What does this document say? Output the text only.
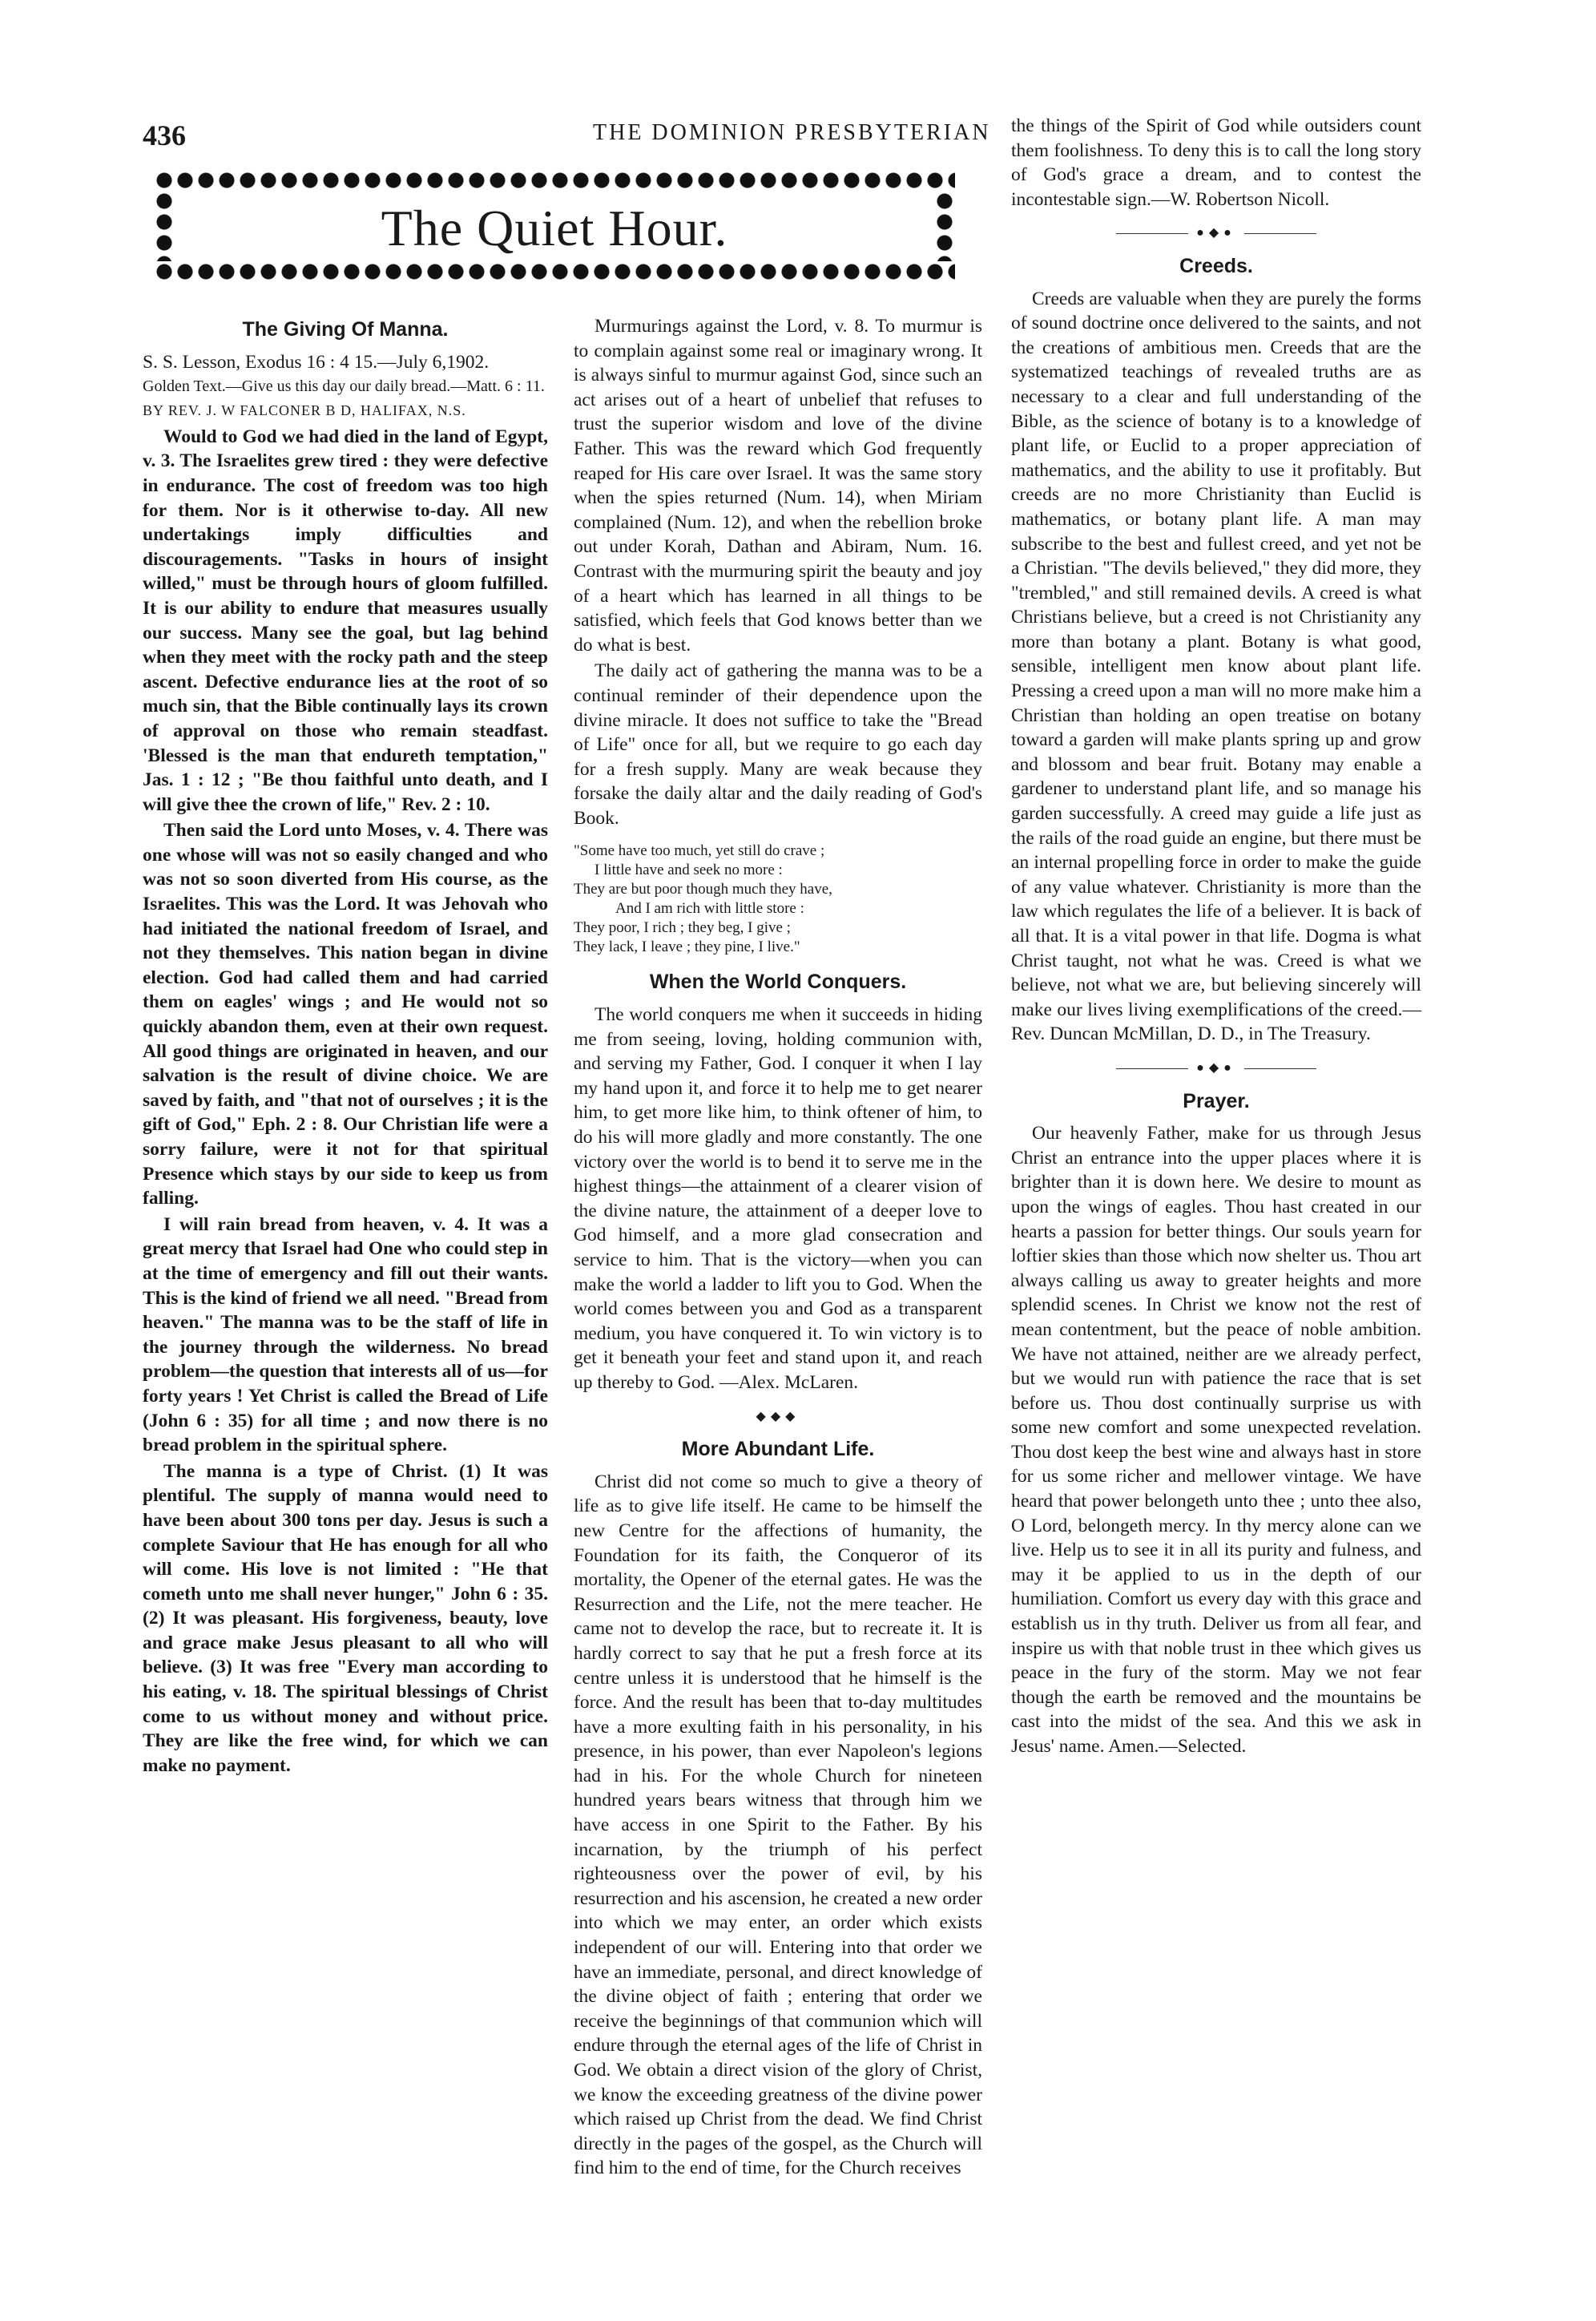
436	THE DOMINION PRESBYTERIAN
The Quiet Hour.
The Giving Of Manna.

S. S. Lesson, Exodus 16 : 4 15.—July 6,1902.

Golden Text.—Give us this day our daily bread.—Matt. 6 : 11.

BY REV. J. W FALCONER B D, HALIFAX, N.S.

Would to God we had died in the land of Egypt, v. 3. The Israelites grew tired : they were defective in endurance. The cost of freedom was too high for them. Nor is it otherwise to-day. All new undertakings imply difficulties and discouragements. "Tasks in hours of insight willed," must be through hours of gloom fulfilled. It is our ability to endure that measures usually our success. Many see the goal, but lag behind when they meet with the rocky path and the steep ascent. Defective endurance lies at the root of so much sin, that the Bible continually lays its crown of approval on those who remain steadfast. 'Blessed is the man that endureth temptation," Jas. 1 : 12 ; "Be thou faithful unto death, and I will give thee the crown of life," Rev. 2 : 10.

Then said the Lord unto Moses, v. 4. There was one whose will was not so easily changed and who was not so soon diverted from His course, as the Israelites. This was the Lord. It was Jehovah who had initiated the national freedom of Israel, and not they themselves. This nation began in divine election. God had called them and had carried them on eagles' wings ; and He would not so quickly abandon them, even at their own request. All good things are originated in heaven, and our salvation is the result of divine choice. We are saved by faith, and "that not of ourselves ; it is the gift of God," Eph. 2 : 8. Our Christian life were a sorry failure, were it not for that spiritual Presence which stays by our side to keep us from falling.

I will rain bread from heaven, v. 4. It was a great mercy that Israel had One who could step in at the time of emergency and fill out their wants. This is the kind of friend we all need. "Bread from heaven." The manna was to be the staff of life in the journey through the wilderness. No bread problem—the question that interests all of us—for forty years ! Yet Christ is called the Bread of Life (John 6 : 35) for all time ; and now there is no bread problem in the spiritual sphere.

The manna is a type of Christ. (1) It was plentiful. The supply of manna would need to have been about 300 tons per day. Jesus is such a complete Saviour that He has enough for all who will come. His love is not limited : "He that cometh unto me shall never hunger," John 6 : 35. (2) It was pleasant. His forgiveness, beauty, love and grace make Jesus pleasant to all who will believe. (3) It was free "Every man according to his eating, v. 18. The spiritual blessings of Christ come to us without money and without price. They are like the free wind, for which we can make no payment.

Murmurings against the Lord, v. 8. To murmur is to complain against some real or imaginary wrong. It is always sinful to murmur against God, since such an act arises out of a heart of unbelief that refuses to trust the superior wisdom and love of the divine Father. This was the reward which God frequently reaped for His care over Israel. It was the same story when the spies returned (Num. 14), when Miriam complained (Num. 12), and when the rebellion broke out under Korah, Dathan and Abiram, Num. 16. Contrast with the murmuring spirit the beauty and joy of a heart which has learned in all things to be satisfied, which feels that God knows better than we do what is best.

The daily act of gathering the manna was to be a continual reminder of their dependence upon the divine miracle. It does not suffice to take the "Bread of Life" once for all, but we require to go each day for a fresh supply. Many are weak because they forsake the daily altar and the daily reading of God's Book.

"Some have too much, yet still do crave ;
I little have and seek no more :
They are but poor though much they have,
And I am rich with little store :
They poor, I rich ; they beg, I give ;
They lack, I leave ; they pine, I live."
When the World Conquers.

The world conquers me when it succeeds in hiding me from seeing, loving, holding communion with, and serving my Father, God. I conquer it when I lay my hand upon it, and force it to help me to get nearer him, to get more like him, to think oftener of him, to do his will more gladly and more constantly. The one victory over the world is to bend it to serve me in the highest things—the attainment of a clearer vision of the divine nature, the attainment of a deeper love to God himself, and a more glad consecration and service to him. That is the victory—when you can make the world a ladder to lift you to God. When the world comes between you and God as a transparent medium, you have conquered it. To win victory is to get it beneath your feet and stand upon it, and reach up thereby to God. —Alex. McLaren.

◆◆◆
More Abundant Life.

Christ did not come so much to give a theory of life as to give life itself. He came to be himself the new Centre for the affections of humanity, the Foundation for its faith, the Conqueror of its mortality, the Opener of the eternal gates. He was the Resurrection and the Life, not the mere teacher. He came not to develop the race, but to recreate it. It is hardly correct to say that he put a fresh force at its centre unless it is understood that he himself is the force. And the result has been that to-day multitudes have a more exulting faith in his personality, in his presence, in his power, than ever Napoleon's legions had in his. For the whole Church for nineteen hundred years bears witness that through him we have access in one Spirit to the Father. By his incarnation, by the triumph of his perfect righteousness over the power of evil, by his resurrection and his ascension, he created a new order into which we may enter, an order which exists independent of our will. Entering into that order we have an immediate, personal, and direct knowledge of the divine object of faith ; entering that order we receive the beginnings of that communion which will endure through the eternal ages of the life of Christ in God. We obtain a direct vision of the glory of Christ, we know the exceeding greatness of the divine power which raised up Christ from the dead. We find Christ directly in the pages of the gospel, as the Church will find him to the end of time, for the Church receives

the things of the Spirit of God while outsiders count them foolishness. To deny this is to call the long story of God's grace a dream, and to contest the incontestable sign.—W. Robertson Nicoll.

●◆●
Creeds.

Creeds are valuable when they are purely the forms of sound doctrine once delivered to the saints, and not the creations of ambitious men. Creeds that are the systematized teachings of revealed truths are as necessary to a clear and full understanding of the Bible, as the science of botany is to a knowledge of plant life, or Euclid to a proper appreciation of mathematics, and the ability to use it profitably. But creeds are no more Christianity than Euclid is mathematics, or botany plant life. A man may subscribe to the best and fullest creed, and yet not be a Christian. "The devils believed," they did more, they "trembled," and still remained devils. A creed is what Christians believe, but a creed is not Christianity any more than botany a plant. Botany is what good, sensible, intelligent men know about plant life. Pressing a creed upon a man will no more make him a Christian than holding an open treatise on botany toward a garden will make plants spring up and grow and blossom and bear fruit. Botany may enable a gardener to understand plant life, and so manage his garden successfully. A creed may guide a life just as the rails of the road guide an engine, but there must be an internal propelling force in order to make the guide of any value whatever. Christianity is more than the law which regulates the life of a believer. It is back of all that. It is a vital power in that life. Dogma is what Christ taught, not what he was. Creed is what we believe, not what we are, but believing sincerely will make our lives living exemplifications of the creed.—Rev. Duncan McMillan, D. D., in The Treasury.

●◆●
Prayer.

Our heavenly Father, make for us through Jesus Christ an entrance into the upper places where it is brighter than it is down here. We desire to mount as upon the wings of eagles. Thou hast created in our hearts a passion for better things. Our souls yearn for loftier skies than those which now shelter us. Thou art always calling us away to greater heights and more splendid scenes. In Christ we know not the rest of mean contentment, but the peace of noble ambition. We have not attained, neither are we already perfect, but we would run with patience the race that is set before us. Thou dost continually surprise us with some new comfort and some unexpected revelation. Thou dost keep the best wine and always hast in store for us some richer and mellower vintage. We have heard that power belongeth unto thee ; unto thee also, O Lord, belongeth mercy. In thy mercy alone can we live. Help us to see it in all its purity and fulness, and may it be applied to us in the depth of our humiliation. Comfort us every day with this grace and establish us in thy truth. Deliver us from all fear, and inspire us with that noble trust in thee which gives us peace in the fury of the storm. May we not fear though the earth be removed and the mountains be cast into the midst of the sea. And this we ask in Jesus' name. Amen.—Selected.
